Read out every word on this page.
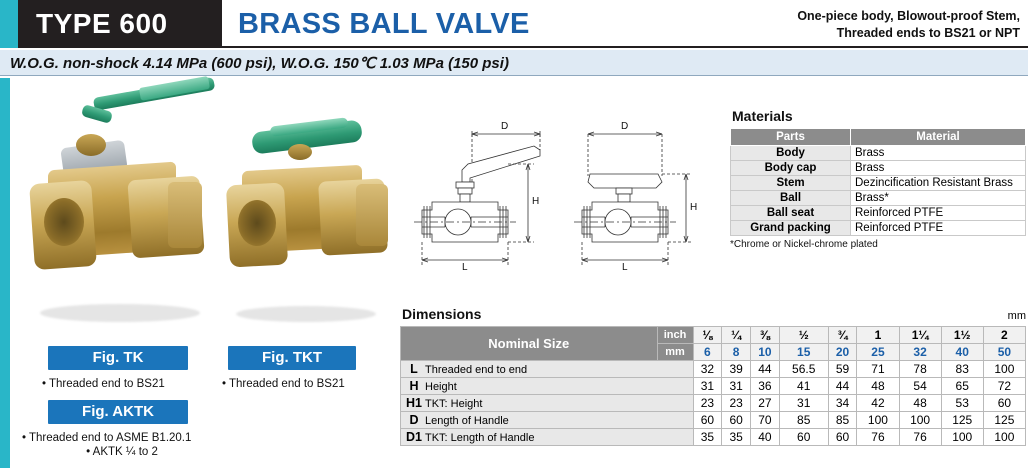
TYPE 600 BRASS BALL VALVE	One-piece body, Blowout-proof Stem,
Threaded ends to BS21 or NPT
W.O.G. non-shock 4.14 MPa (600 psi), W.O.G. 150℃ 1.03 MPa (150 psi)
Fig. TK
• Threaded end to BS21
Fig. AKTK
• Threaded end to ASME B1.20.1
• AKTK ¼ to 2
Fig. TKT
• Threaded end to BS21
D	D
H
H
L	L
Materials
Parts	Material
Body	Brass
Body cap	Brass
Stem	Dezincification Resistant Brass
Ball	Brass*
Ball seat	Reinforced PTFE
Grand packing	Reinforced PTFE
*Chrome or Nickel-chrome plated
Dimensions	mm
Nominal Size	inch	⅛	¼	⅜	½	¾	1	1¼	1½	2
	mm	6	8	10	15	20	25	32	40	50
L Threaded end to end		32	39	44	56.5	59	71	78	83	100
H Height		31	31	36	41	44	48	54	65	72
H1 TKT: Height		23	23	27	31	34	42	48	53	60
D Length of Handle		60	60	70	85	85	100	100	125	125
D1 TKT: Length of Handle		35	35	40	60	60	76	76	100	100
